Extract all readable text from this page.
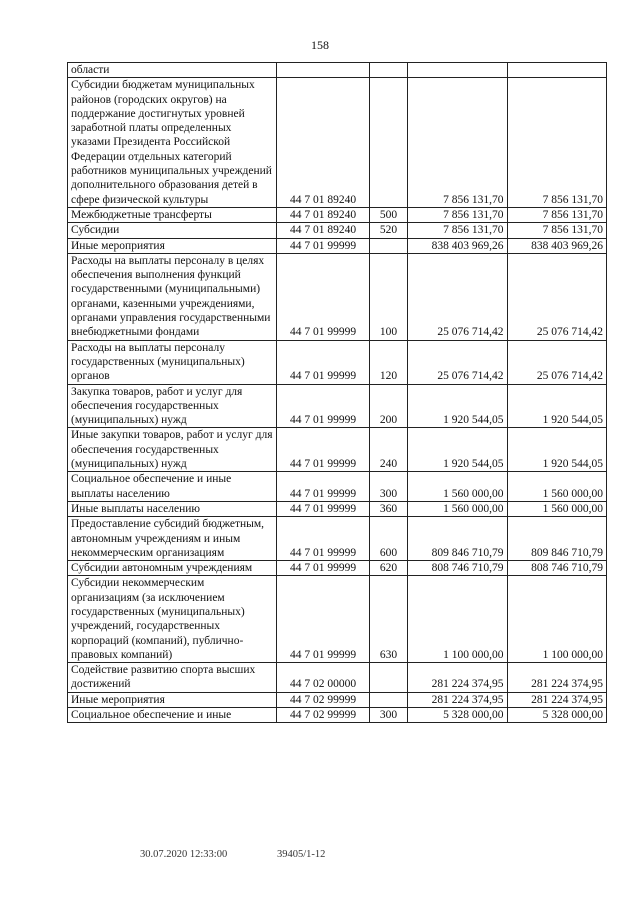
158
области				
Субсидии бюджетам муниципальных районов (городских округов) на поддержание достигнутых уровней заработной платы определенных указами Президента Российской Федерации отдельных категорий работников муниципальных учреждений дополнительного образования детей в сфере физической культуры	44 7 01 89240		7 856 131,70	7 856 131,70
Межбюджетные трансферты	44 7 01 89240	500	7 856 131,70	7 856 131,70
Субсидии	44 7 01 89240	520	7 856 131,70	7 856 131,70
Иные мероприятия	44 7 01 99999		838 403 969,26	838 403 969,26
Расходы на выплаты персоналу в целях обеспечения выполнения функций государственными (муниципальными) органами, казенными учреждениями, органами управления государственными внебюджетными фондами	44 7 01 99999	100	25 076 714,42	25 076 714,42
Расходы на выплаты персоналу государственных (муниципальных) органов	44 7 01 99999	120	25 076 714,42	25 076 714,42
Закупка товаров, работ и услуг для обеспечения государственных (муниципальных) нужд	44 7 01 99999	200	1 920 544,05	1 920 544,05
Иные закупки товаров, работ и услуг для обеспечения государственных (муниципальных) нужд	44 7 01 99999	240	1 920 544,05	1 920 544,05
Социальное обеспечение и иные выплаты населению	44 7 01 99999	300	1 560 000,00	1 560 000,00
Иные выплаты населению	44 7 01 99999	360	1 560 000,00	1 560 000,00
Предоставление субсидий бюджетным, автономным учреждениям и иным некоммерческим организациям	44 7 01 99999	600	809 846 710,79	809 846 710,79
Субсидии автономным учреждениям	44 7 01 99999	620	808 746 710,79	808 746 710,79
Субсидии некоммерческим организациям (за исключением государственных (муниципальных) учреждений, государственных корпораций (компаний), публично-правовых компаний)	44 7 01 99999	630	1 100 000,00	1 100 000,00
Содействие развитию спорта высших достижений	44 7 02 00000		281 224 374,95	281 224 374,95
Иные мероприятия	44 7 02 99999		281 224 374,95	281 224 374,95
Социальное обеспечение и иные	44 7 02 99999	300	5 328 000,00	5 328 000,00
30.07.2020 12:33:00	39405/1-12
